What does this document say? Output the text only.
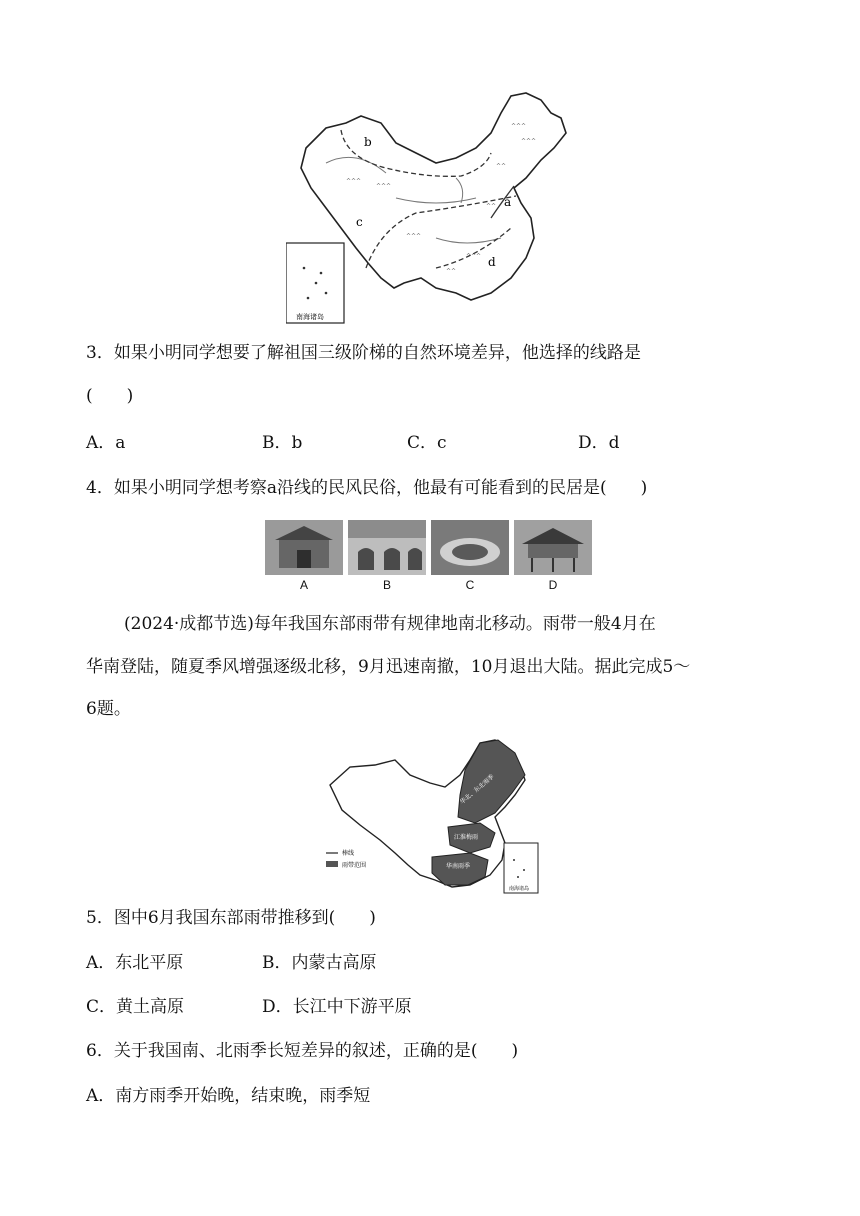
^^^
^^^
^^^
^^^
^^
^^^
^^^
^^
^^ a
b
c
d
南海诸岛
3．如果小明同学想要了解祖国三级阶梯的自然环境差异，他选择的线路是
(　　)
A．a	B．b	C．c	D．d
4．如果小明同学想考察a沿线的民风民俗，他最有可能看到的民居是(　　)
A	B	C	D
(2024·成都节选)每年我国东部雨带有规律地南北移动。雨带一般4月在
华南登陆，随夏季风增强逐级北移，9月迅速南撤，10月退出大陆。据此完成5～
6题。
华北、东北雨季
江淮梅雨
华南雨季
棒线
雨带范围
南海诸岛
5．图中6月我国东部雨带推移到(　　)
A．东北平原	B．内蒙古高原
C．黄土高原	D．长江中下游平原
6．关于我国南、北雨季长短差异的叙述，正确的是(　　)
A．南方雨季开始晚，结束晚，雨季短
